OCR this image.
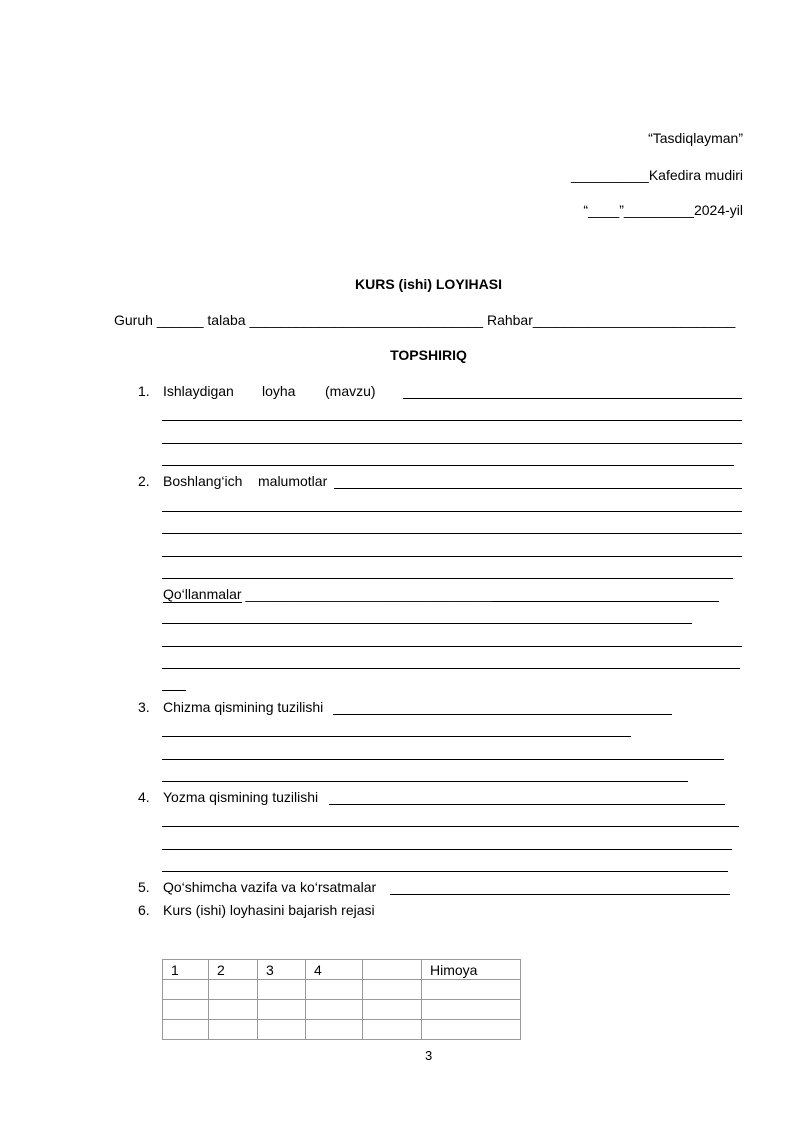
“Tasdiqlayman”
__________Kafedira mudiri
“____”_________2024-yil
KURS (ishi) LOYIHASI
Guruh ______ talaba ______________________________ Rahbar__________________________
TOPSHIRIQ
1. Ishlaydigan loyha (mavzu)
2. Boshlang‘ich malumotlar
Qo‘llanmalar ________________________________
3. Chizma qismining tuzilishi
4. Yozma qismining tuzilishi
5. Qo‘shimcha vazifa va ko‘rsatmalar
6. Kurs (ishi) loyhasini bajarish rejasi
1	2	3	4		Himoya

3
